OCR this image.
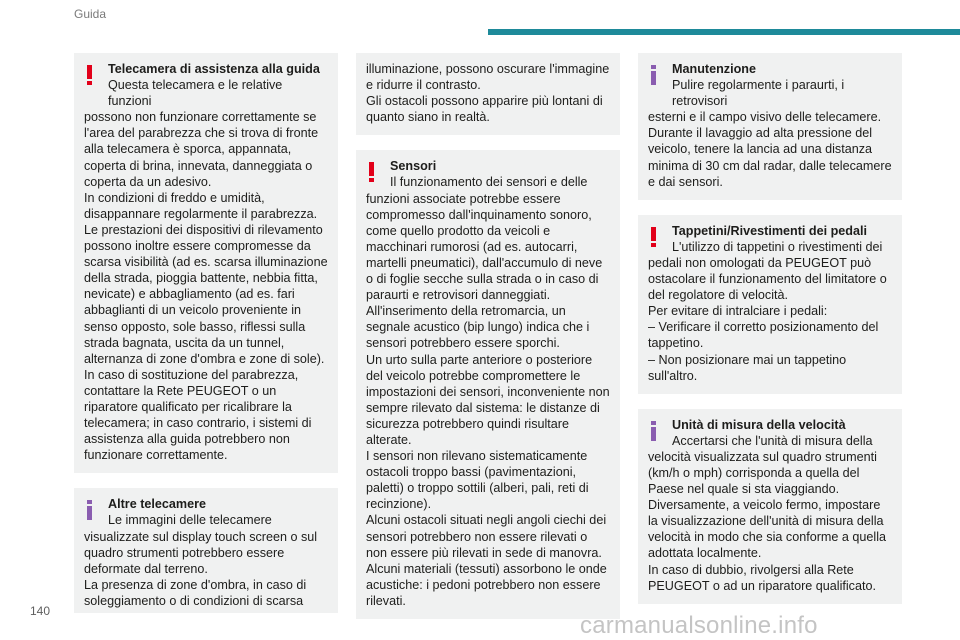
Guida

Telecamera di assistenza alla guida

Questa telecamera e le relative funzioni

possono non funzionare correttamente se l'area del parabrezza che si trova di fronte alla telecamera è sporca, appannata, coperta di brina, innevata, danneggiata o coperta da un adesivo.

In condizioni di freddo e umidità, disappannare regolarmente il parabrezza.

Le prestazioni dei dispositivi di rilevamento possono inoltre essere compromesse da scarsa visibilità (ad es. scarsa illuminazione della strada, pioggia battente, nebbia fitta, nevicate) e abbagliamento (ad es. fari abbaglianti di un veicolo proveniente in senso opposto, sole basso, riflessi sulla strada bagnata, uscita da un tunnel, alternanza di zone d'ombra e zone di sole).

In caso di sostituzione del parabrezza, contattare la Rete PEUGEOT o un riparatore qualificato per ricalibrare la telecamera; in caso contrario, i sistemi di assistenza alla guida potrebbero non funzionare correttamente.

Altre telecamere

Le immagini delle telecamere

visualizzate sul display touch screen o sul quadro strumenti potrebbero essere deformate dal terreno.

La presenza di zone d'ombra, in caso di soleggiamento o di condizioni di scarsa

illuminazione, possono oscurare l'immagine e ridurre il contrasto.

Gli ostacoli possono apparire più lontani di quanto siano in realtà.

Sensori

Il funzionamento dei sensori e delle

funzioni associate potrebbe essere compromesso dall'inquinamento sonoro, come quello prodotto da veicoli e macchinari rumorosi (ad es. autocarri, martelli pneumatici), dall'accumulo di neve o di foglie secche sulla strada o in caso di paraurti e retrovisori danneggiati.

All'inserimento della retromarcia, un segnale acustico (bip lungo) indica che i sensori potrebbero essere sporchi.

Un urto sulla parte anteriore o posteriore del veicolo potrebbe compromettere le impostazioni dei sensori, inconveniente non sempre rilevato dal sistema: le distanze di sicurezza potrebbero quindi risultare alterate.

I sensori non rilevano sistematicamente ostacoli troppo bassi (pavimentazioni, paletti) o troppo sottili (alberi, pali, reti di recinzione).

Alcuni ostacoli situati negli angoli ciechi dei sensori potrebbero non essere rilevati o non essere più rilevati in sede di manovra.

Alcuni materiali (tessuti) assorbono le onde acustiche: i pedoni potrebbero non essere rilevati.

Manutenzione

Pulire regolarmente i paraurti, i retrovisori

esterni e il campo visivo delle telecamere.

Durante il lavaggio ad alta pressione del veicolo, tenere la lancia ad una distanza minima di 30 cm dal radar, dalle telecamere e dai sensori.

Tappetini/Rivestimenti dei pedali

L'utilizzo di tappetini o rivestimenti dei

pedali non omologati da PEUGEOT può ostacolare il funzionamento del limitatore o del regolatore di velocità.

Per evitare di intralciare i pedali:

– Verificare il corretto posizionamento del tappetino.

– Non posizionare mai un tappetino sull'altro.

Unità di misura della velocità

Accertarsi che l'unità di misura della

velocità visualizzata sul quadro strumenti (km/h o mph) corrisponda a quella del Paese nel quale si sta viaggiando.

Diversamente, a veicolo fermo, impostare la visualizzazione dell'unità di misura della velocità in modo che sia conforme a quella adottata localmente.

In caso di dubbio, rivolgersi alla Rete PEUGEOT o ad un riparatore qualificato.

140
carmanualsonline.info
